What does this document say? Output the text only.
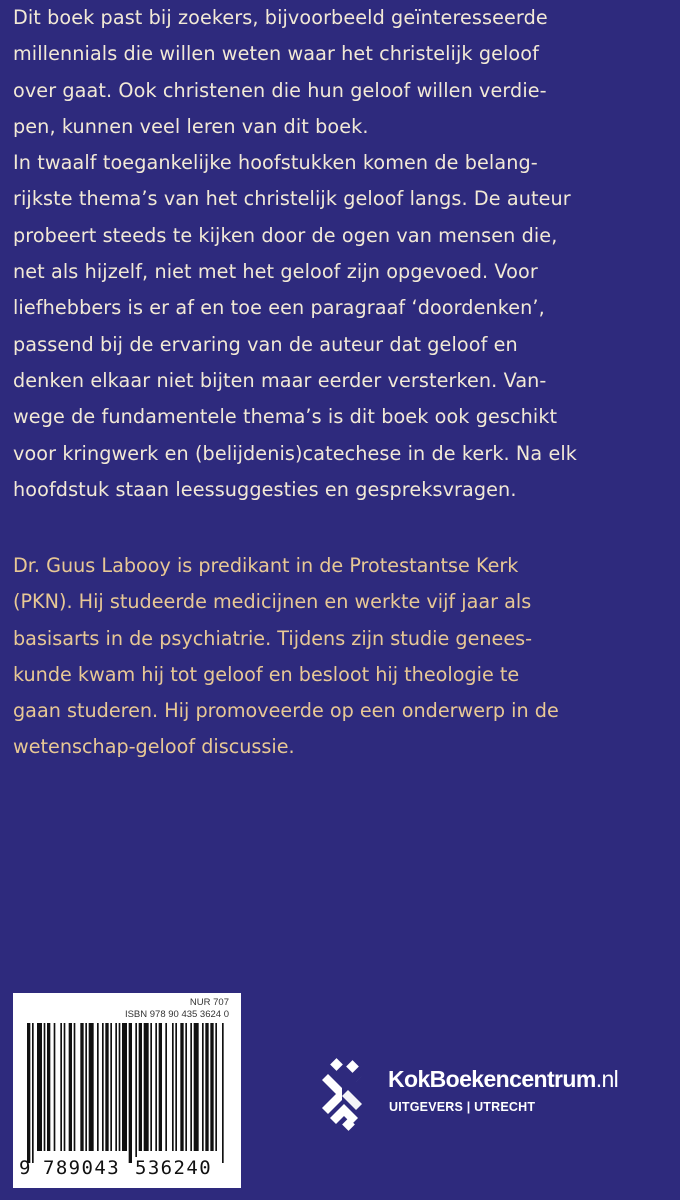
Dit boek past bij zoekers, bijvoorbeeld geïnteresseerde
millennials die willen weten waar het christelijk geloof
over gaat. Ook christenen die hun geloof willen verdie-
pen, kunnen veel leren van dit boek.
In twaalf toegankelijke hoofstukken komen de belang-
rijkste thema’s van het christelijk geloof langs. De auteur
probeert steeds te kijken door de ogen van mensen die,
net als hijzelf, niet met het geloof zijn opgevoed. Voor
liefhebbers is er af en toe een paragraaf ‘doordenken’,
passend bij de ervaring van de auteur dat geloof en
denken elkaar niet bijten maar eerder versterken. Van-
wege de fundamentele thema’s is dit boek ook geschikt
voor kringwerk en (belijdenis)catechese in de kerk. Na elk
hoofdstuk staan leessuggesties en gespreksvragen.
Dr. Guus Labooy is predikant in de Protestantse Kerk
(PKN). Hij studeerde medicijnen en werkte vijf jaar als
basisarts in de psychiatrie. Tijdens zijn studie genees-
kunde kwam hij tot geloof en besloot hij theologie te
gaan studeren. Hij promoveerde op een onderwerp in de
wetenschap-geloof discussie.
NUR 707
ISBN 978 90 435 3624 0
9 789043 536240
KokBoekencentrum.nl
UITGEVERS | UTRECHT
